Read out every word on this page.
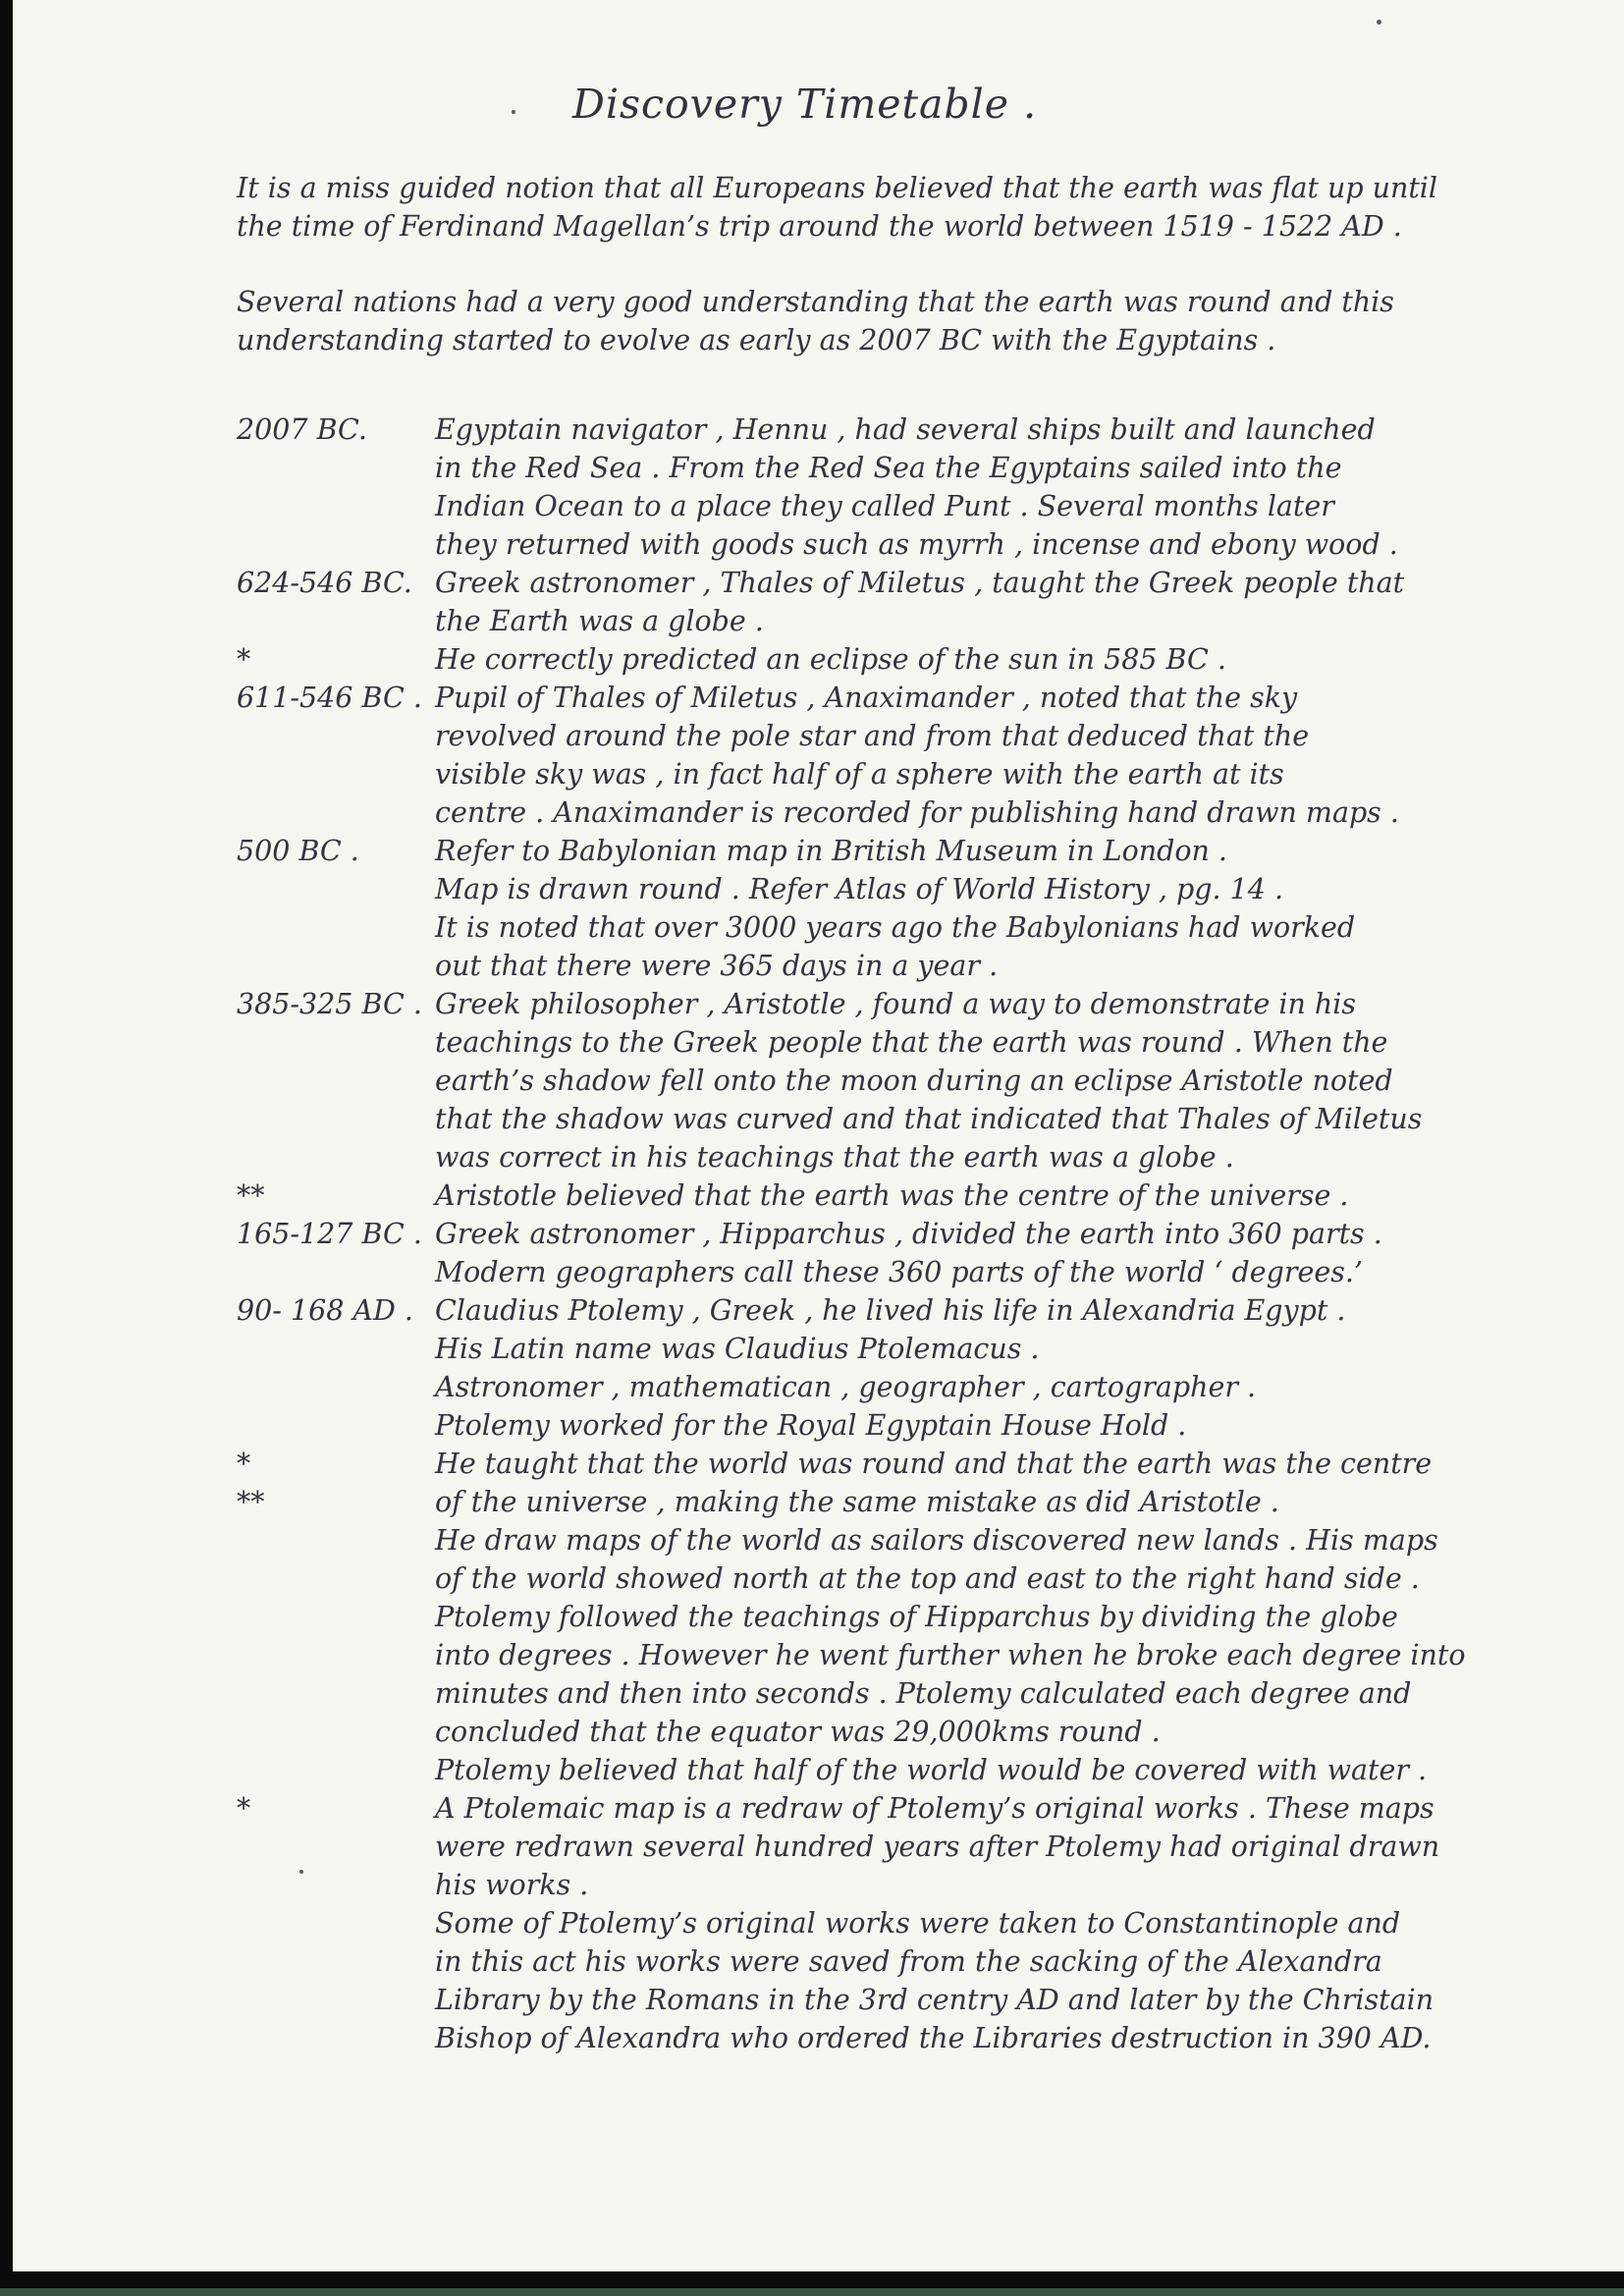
Discovery Timetable .
It is a miss guided notion that all Europeans believed that the earth was flat up until
the time of Ferdinand Magellan’s trip around the world between 1519 - 1522 AD .
Several nations had a very good understanding that the earth was round and this
understanding started to evolve as early as 2007 BC with the Egyptains .
2007 BC.	Egyptain navigator , Hennu , had several ships built and launched
in the Red Sea . From the Red Sea the Egyptains sailed into the
Indian Ocean to a place they called Punt . Several months later
they returned with goods such as myrrh , incense and ebony wood .
624-546 BC. Greek astronomer , Thales of Miletus , taught the Greek people that
the Earth was a globe .
*	He correctly predicted an eclipse of the sun in 585 BC .
611-546 BC . Pupil of Thales of Miletus , Anaximander , noted that the sky
revolved around the pole star and from that deduced that the
visible sky was , in fact half of a sphere with the earth at its
centre . Anaximander is recorded for publishing hand drawn maps .
500 BC .	Refer to Babylonian map in British Museum in London .
Map is drawn round . Refer Atlas of World History , pg. 14 .
It is noted that over 3000 years ago the Babylonians had worked
out that there were 365 days in a year .
385-325 BC . Greek philosopher , Aristotle , found a way to demonstrate in his
teachings to the Greek people that the earth was round . When the
earth’s shadow fell onto the moon during an eclipse Aristotle noted
that the shadow was curved and that indicated that Thales of Miletus
was correct in his teachings that the earth was a globe .
**	Aristotle believed that the earth was the centre of the universe .
165-127 BC . Greek astronomer , Hipparchus , divided the earth into 360 parts .
Modern geographers call these 360 parts of the world ‘ degrees.’
90- 168 AD . Claudius Ptolemy , Greek , he lived his life in Alexandria Egypt .
His Latin name was Claudius Ptolemacus .
Astronomer , mathematican , geographer , cartographer .
Ptolemy worked for the Royal Egyptain House Hold .
*	He taught that the world was round and that the earth was the centre
**	of the universe , making the same mistake as did Aristotle .
He draw maps of the world as sailors discovered new lands . His maps
of the world showed north at the top and east to the right hand side .
Ptolemy followed the teachings of Hipparchus by dividing the globe
into degrees . However he went further when he broke each degree into
minutes and then into seconds . Ptolemy calculated each degree and
concluded that the equator was 29,000kms round .
Ptolemy believed that half of the world would be covered with water .
*	A Ptolemaic map is a redraw of Ptolemy’s original works . These maps
were redrawn several hundred years after Ptolemy had original drawn
his works .
Some of Ptolemy’s original works were taken to Constantinople and
in this act his works were saved from the sacking of the Alexandra
Library by the Romans in the 3rd centry AD and later by the Christain
Bishop of Alexandra who ordered the Libraries destruction in 390 AD.
